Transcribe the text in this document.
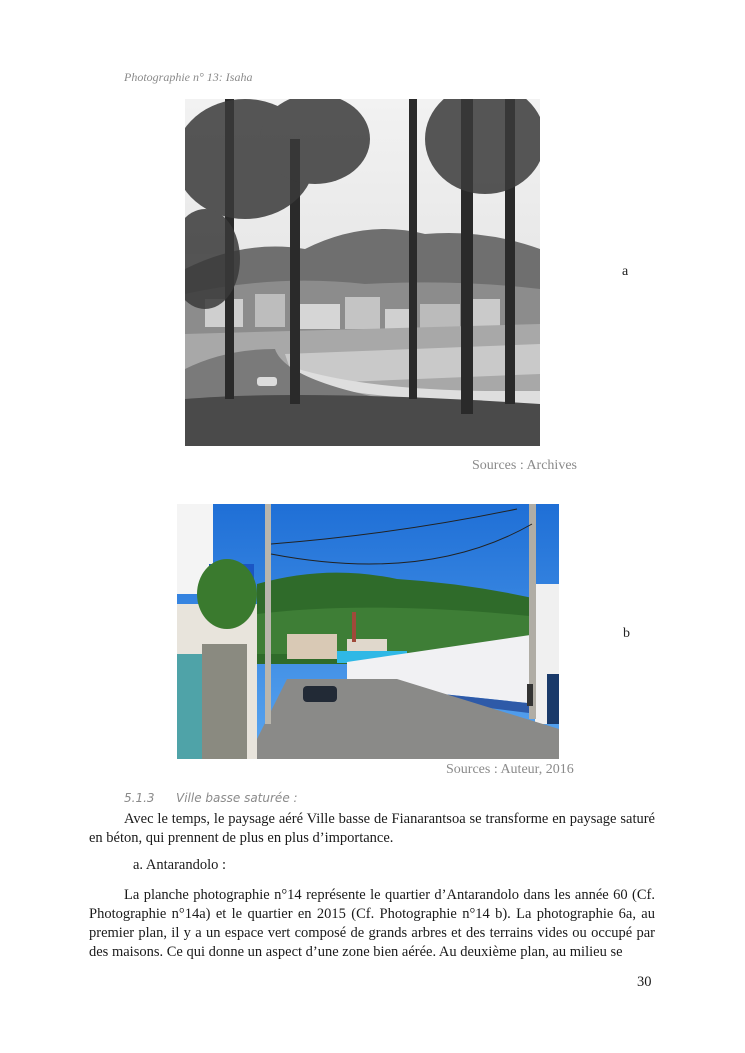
Photographie n° 13: Isaha
a
Sources : Archives
b
Sources : Auteur, 2016
5.1.3 Ville basse saturée :
Avec le temps, le paysage aéré Ville basse de Fianarantsoa se transforme en paysage saturé en béton, qui prennent de plus en plus d’importance.
a. Antarandolo :
La planche photographie n°14 représente le quartier d’Antarandolo dans les année 60 (Cf. Photographie n°14a) et le quartier en 2015 (Cf. Photographie n°14 b). La photographie 6a, au premier plan, il y a un espace vert composé de grands arbres et des terrains vides ou occupé par des maisons. Ce qui donne un aspect d’une zone bien aérée. Au deuxième plan, au milieu se
30
